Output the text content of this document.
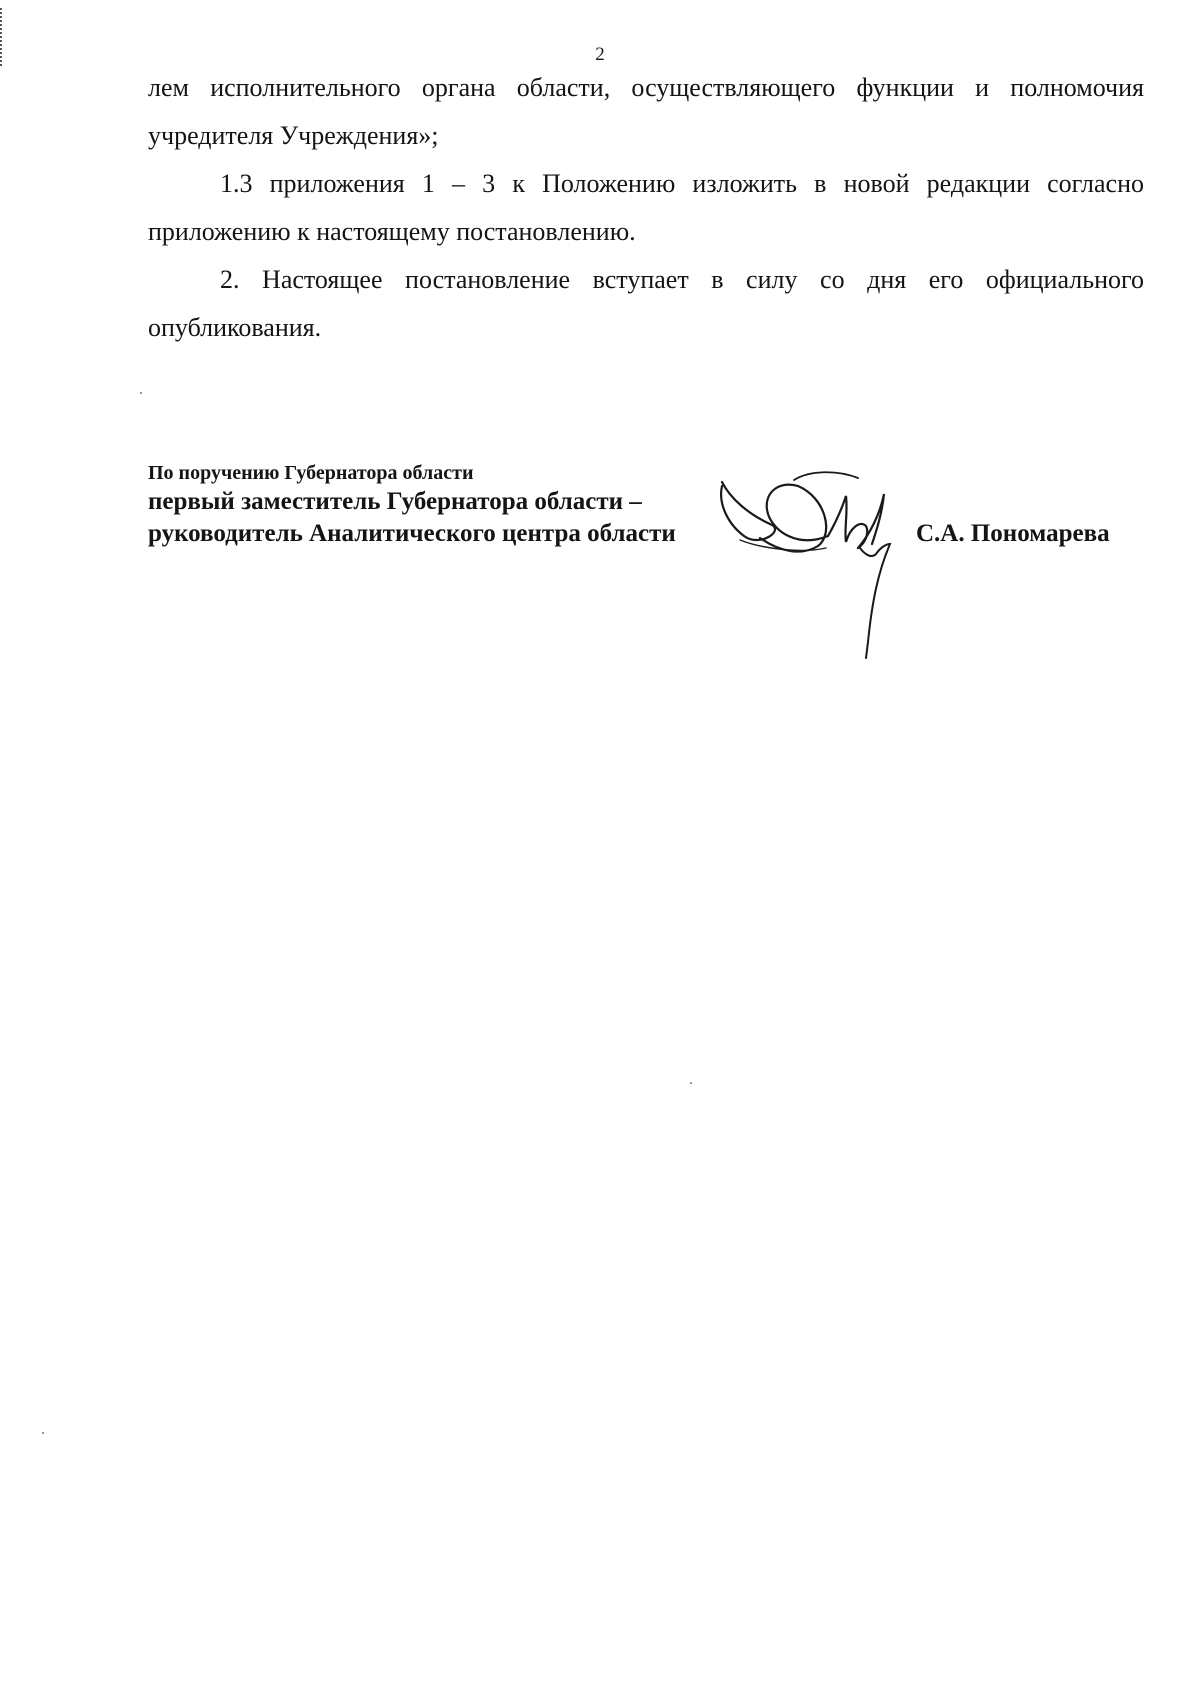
2

лем исполнительного органа области, осуществляющего функции и полномочия учредителя Учреждения»;

1.3 приложения 1 – 3 к Положению изложить в новой редакции согласно приложению к настоящему постановлению.

2. Настоящее постановление вступает в силу со дня его официального опубликования.

По поручению Губернатора области

первый заместитель Губернатора области –

руководитель Аналитического центра области	С.А. Пономарева
